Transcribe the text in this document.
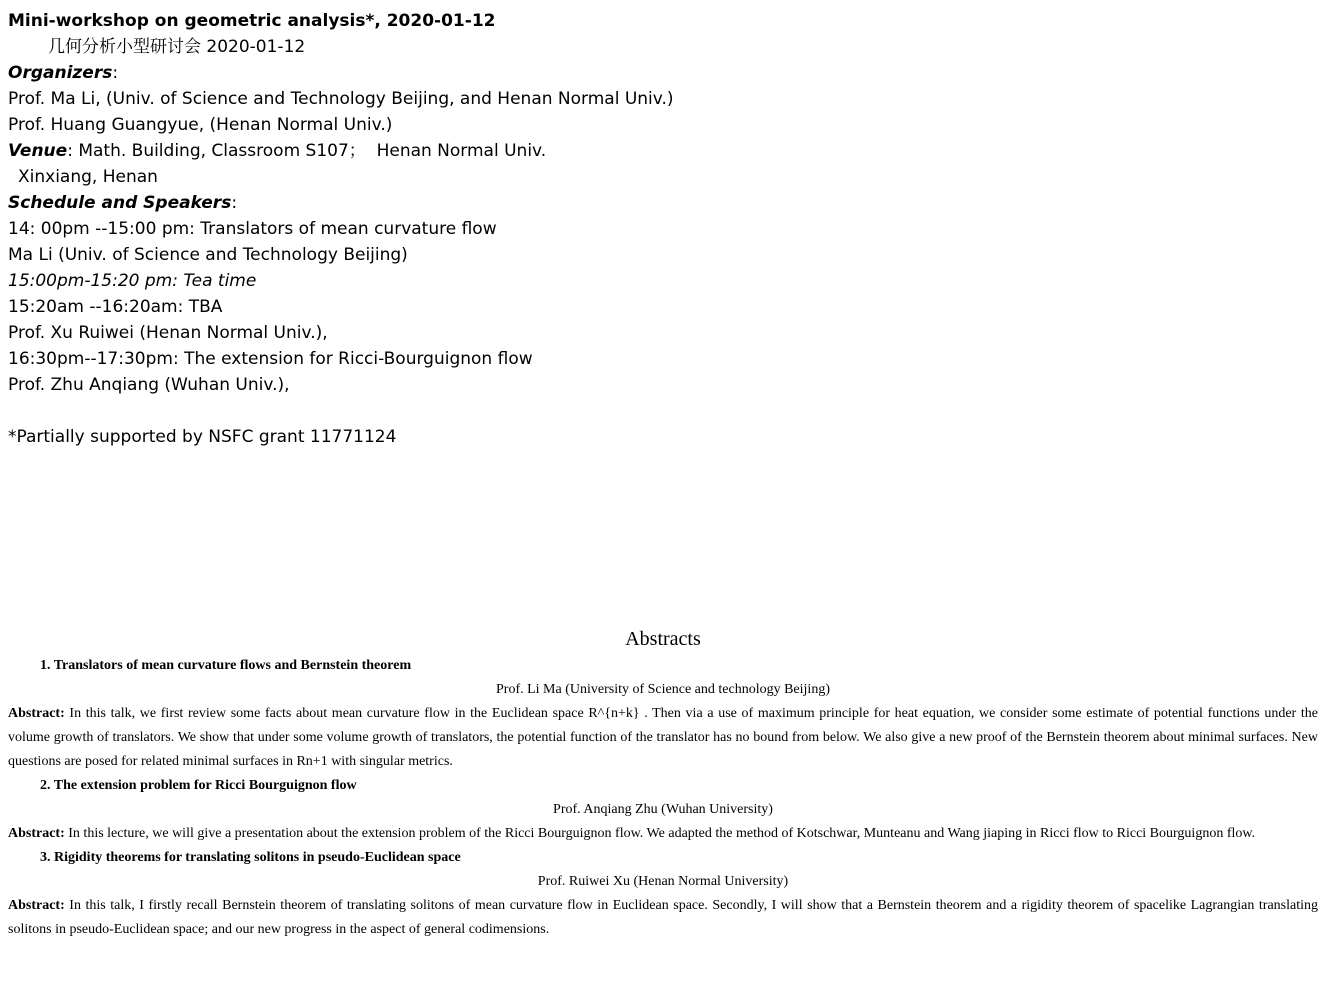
Mini-workshop on geometric analysis*, 2020-01-12
几何分析小型研讨会 2020-01-12
Organizers:
Prof. Ma Li, (Univ. of Science and Technology Beijing, and Henan Normal Univ.)
Prof. Huang Guangyue, (Henan Normal Univ.)
Venue: Math. Building, Classroom S107；  Henan Normal Univ.
Xinxiang, Henan
Schedule and Speakers:
14: 00pm --15:00 pm: Translators of mean curvature flow
Ma Li (Univ. of Science and Technology Beijing)
15:00pm-15:20 pm: Tea time
15:20am --16:20am: TBA
Prof. Xu Ruiwei (Henan Normal Univ.),
16:30pm--17:30pm: The extension for Ricci-Bourguignon flow
Prof. Zhu Anqiang (Wuhan Univ.),
*Partially supported by NSFC grant 11771124
Abstracts
1. Translators of mean curvature flows and Bernstein theorem
Prof. Li Ma (University of Science and technology Beijing)
Abstract: In this talk, we first review some facts about mean curvature flow in the Euclidean space R^{n+k} . Then via a use of maximum principle for heat equation, we consider some estimate of potential functions under the volume growth of translators. We show that under some volume growth of translators, the potential function of the translator has no bound from below. We also give a new proof of the Bernstein theorem about minimal surfaces. New questions are posed for related minimal surfaces in Rn+1 with singular metrics.
2. The extension problem for Ricci Bourguignon flow
Prof. Anqiang Zhu (Wuhan University)
Abstract: In this lecture, we will give a presentation about the extension problem of the Ricci Bourguignon flow. We adapted the method of Kotschwar, Munteanu and Wang jiaping in Ricci flow to Ricci Bourguignon flow.
3. Rigidity theorems for translating solitons in pseudo-Euclidean space
Prof. Ruiwei Xu (Henan Normal University)
Abstract: In this talk, I firstly recall Bernstein theorem of translating solitons of mean curvature flow in Euclidean space. Secondly, I will show that a Bernstein theorem and a rigidity theorem of spacelike Lagrangian translating solitons in pseudo-Euclidean space; and our new progress in the aspect of general codimensions.
